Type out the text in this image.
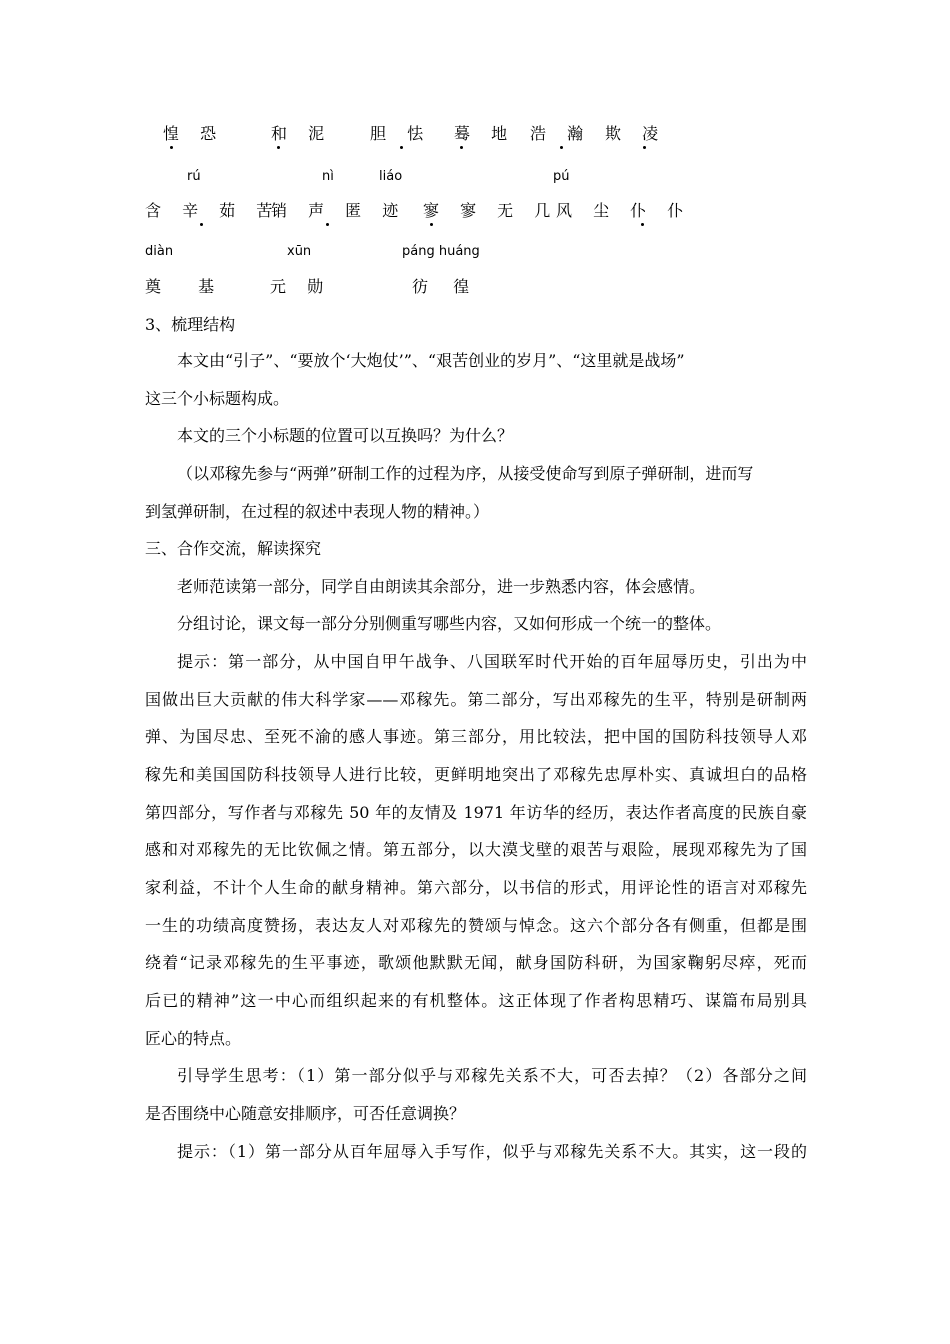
惶 恐	和 泥 胆 怯 蓦 地 浩 瀚 欺 凌
rú	nì	liáo	pú
含 辛 茹 苦
销 声 匿 迹 寥 寥 无 几
风 尘 仆 仆
diàn	xūn	páng huáng
奠 基 元 勋	彷 徨
3、梳理结构
本文由“引子”、“要放个‘大炮仗’”、“艰苦创业的岁月”、“这里就是战场”
这三个小标题构成。
本文的三个小标题的位置可以互换吗？为什么？
（以邓稼先参与“两弹”研制工作的过程为序，从接受使命写到原子弹研制，进而写
到氢弹研制，在过程的叙述中表现人物的精神。）
三、合作交流，解读探究
老师范读第一部分，同学自由朗读其余部分，进一步熟悉内容，体会感情。
分组讨论，课文每一部分分别侧重写哪些内容，又如何形成一个统一的整体。
提示：第一部分，从中国自甲午战争、八国联军时代开始的百年屈辱历史，引出为中
国做出巨大贡献的伟大科学家——邓稼先。第二部分，写出邓稼先的生平，特别是研制两
弹、为国尽忠、至死不渝的感人事迹。第三部分，用比较法，把中国的国防科技领导人邓
稼先和美国国防科技领导人进行比较，更鲜明地突出了邓稼先忠厚朴实、真诚坦白的品格
第四部分，写作者与邓稼先 50 年的友情及 1971 年访华的经历，表达作者高度的民族自豪
感和对邓稼先的无比钦佩之情。第五部分，以大漠戈壁的艰苦与艰险，展现邓稼先为了国
家利益，不计个人生命的献身精神。第六部分，以书信的形式，用评论性的语言对邓稼先
一生的功绩高度赞扬，表达友人对邓稼先的赞颂与悼念。这六个部分各有侧重，但都是围
绕着“记录邓稼先的生平事迹，歌颂他默默无闻，献身国防科研，为国家鞠躬尽瘁，死而
后已的精神”这一中心而组织起来的有机整体。这正体现了作者构思精巧、谋篇布局别具
匠心的特点。
引导学生思考：（1）第一部分似乎与邓稼先关系不大，可否去掉？（2）各部分之间
是否围绕中心随意安排顺序，可否任意调换？
提示：（1）第一部分从百年屈辱入手写作，似乎与邓稼先关系不大。其实，这一段的
